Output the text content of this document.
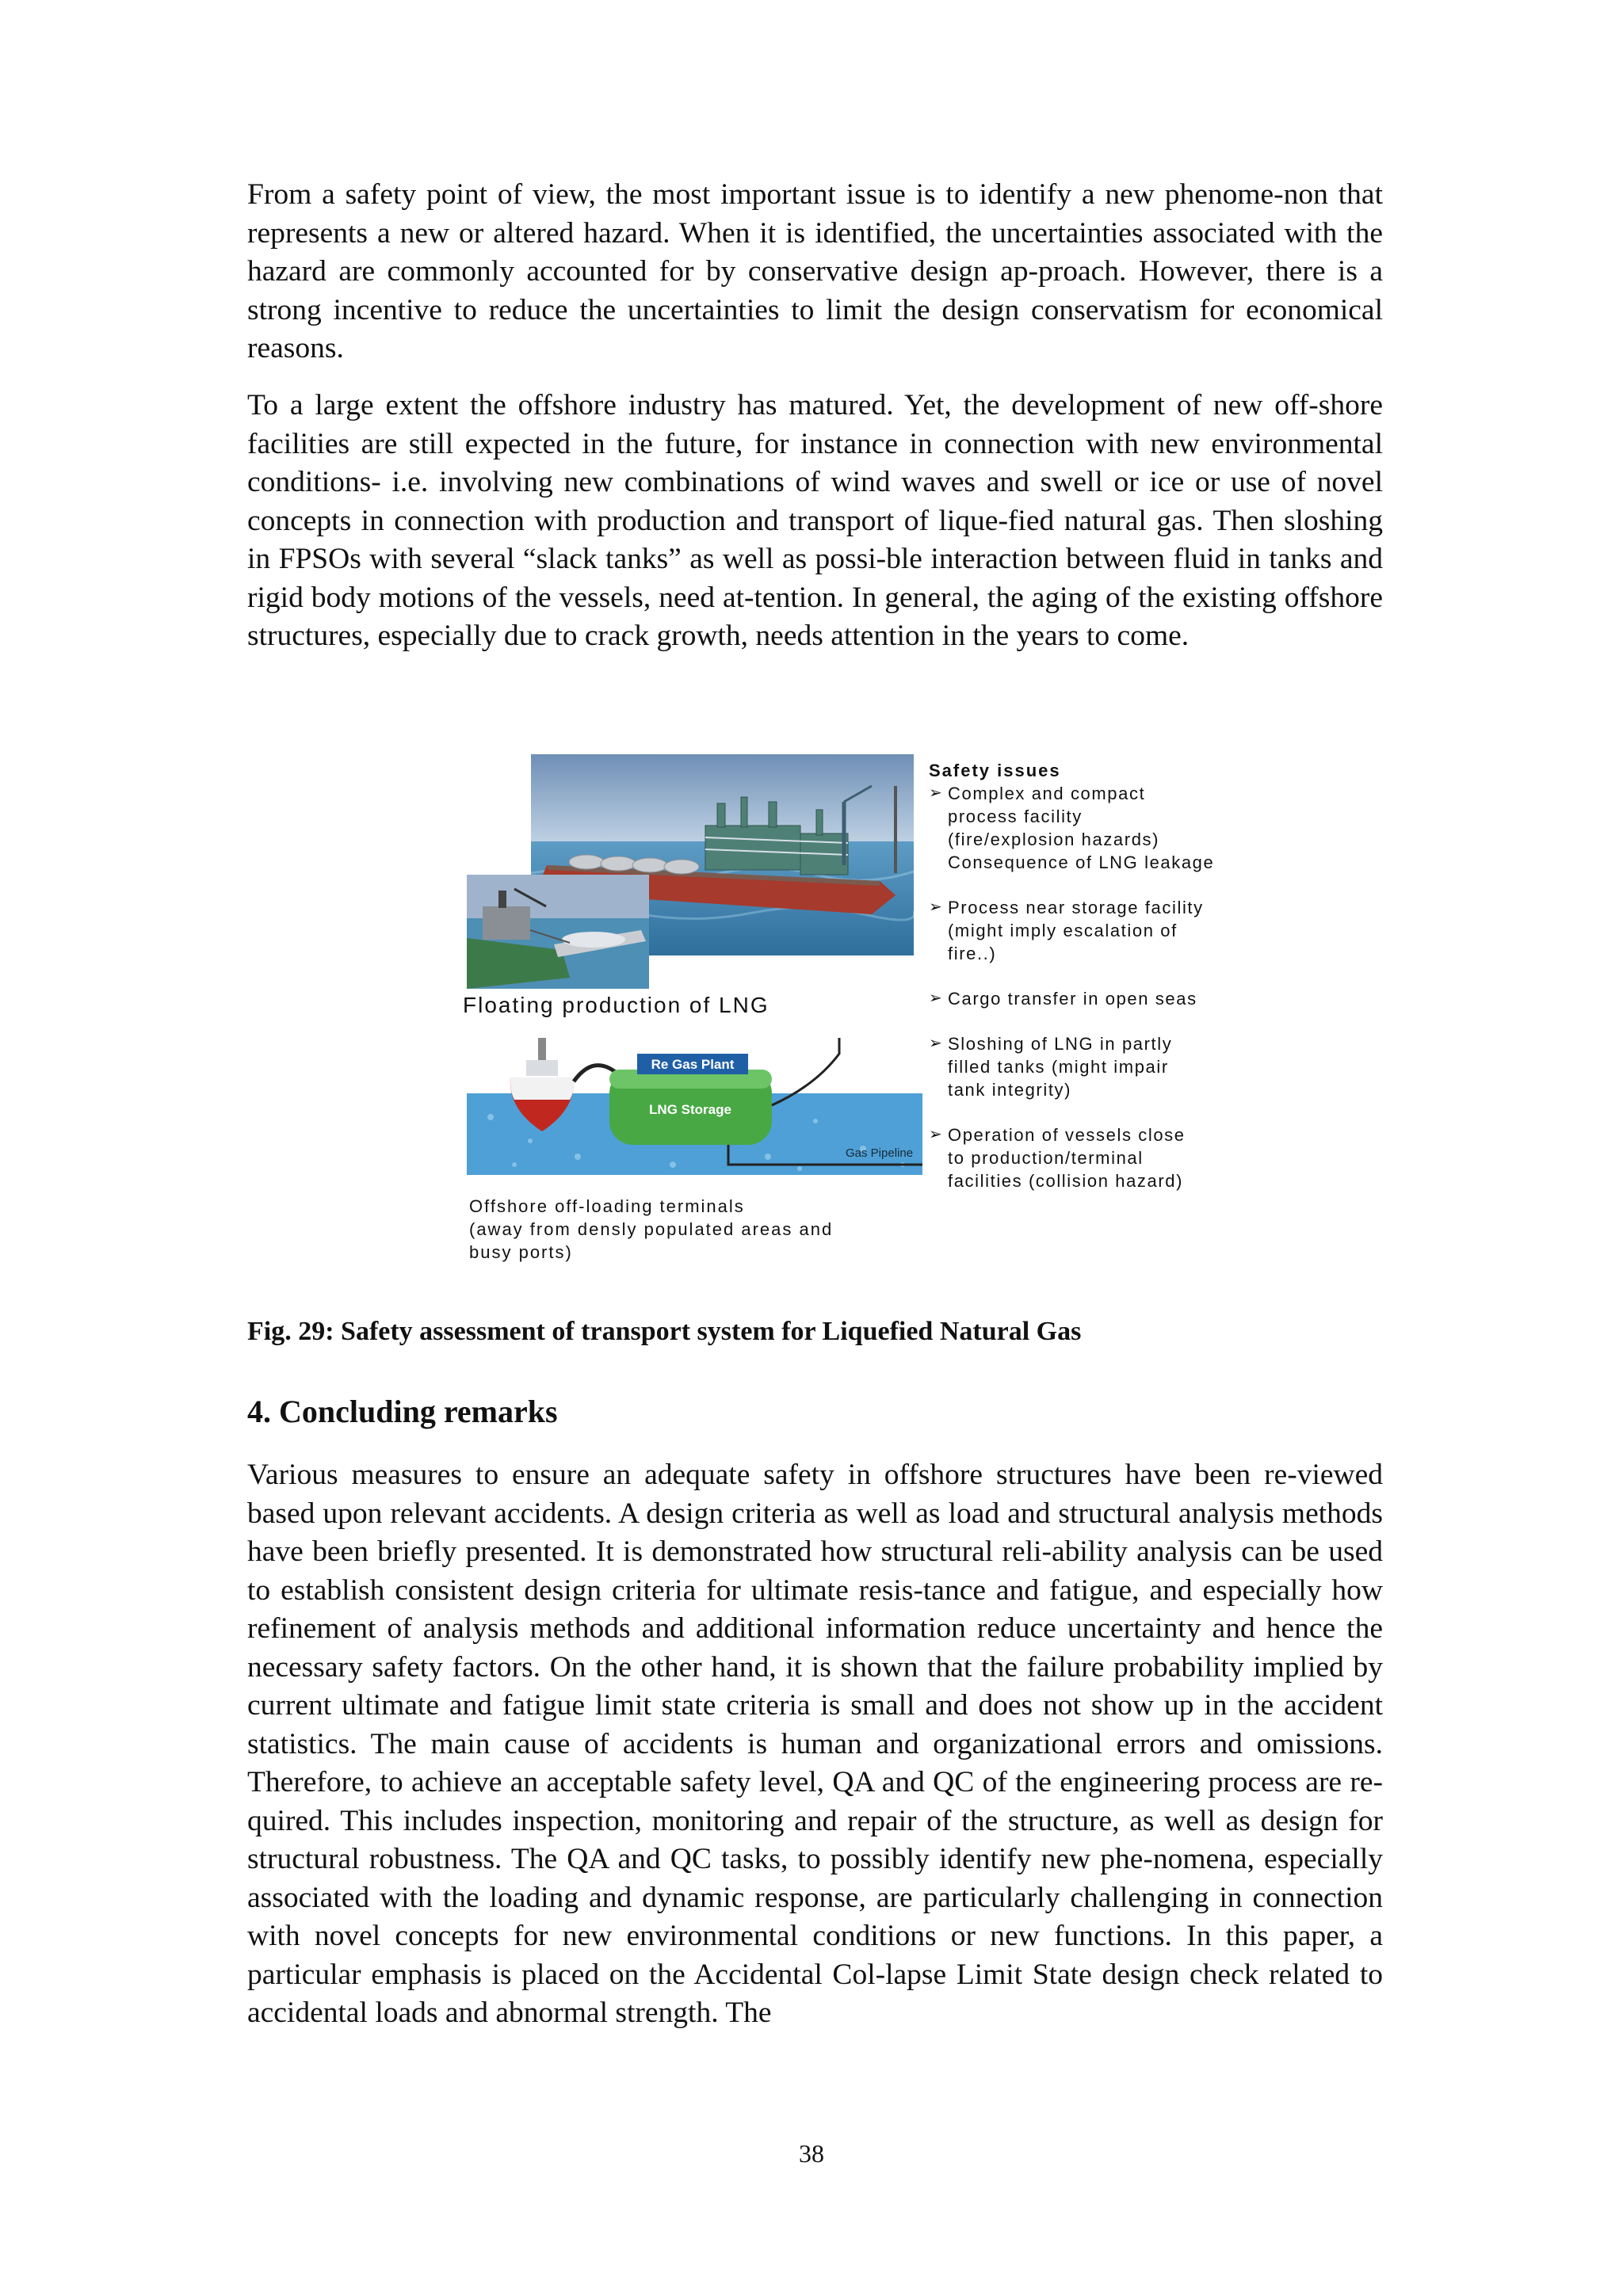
From a safety point of view, the most important issue is to identify a new phenome-non that represents a new or altered hazard. When it is identified, the uncertainties associated with the hazard are commonly accounted for by conservative design ap-proach. However, there is a strong incentive to reduce the uncertainties to limit the design conservatism for economical reasons.

To a large extent the offshore industry has matured. Yet, the development of new off-shore facilities are still expected in the future, for instance in connection with new environmental conditions- i.e. involving new combinations of wind waves and swell or ice or use of novel concepts in connection with production and transport of lique-fied natural gas. Then sloshing in FPSOs with several “slack tanks” as well as possi-ble interaction between fluid in tanks and rigid body motions of the vessels, need at-tention. In general, the aging of the existing offshore structures, especially due to crack growth, needs attention in the years to come.

Floating production of LNG

Re Gas Plant
LNG Storage
Gas Pipeline
Offshore off-loading terminals
(away from densly populated areas and
busy ports)
Safety issues
➢ Complex and compact
process facility
(fire/explosion hazards)
Consequence of LNG leakage
➢ Process near storage facility
(might imply escalation of
fire..)
➢ Cargo transfer in open seas
➢ Sloshing of LNG in partly
filled tanks (might impair
tank integrity)
➢ Operation of vessels close
to production/terminal
facilities (collision hazard)

Fig. 29: Safety assessment of transport system for Liquefied Natural Gas

4. Concluding remarks

Various measures to ensure an adequate safety in offshore structures have been re-viewed based upon relevant accidents. A design criteria as well as load and structural analysis methods have been briefly presented. It is demonstrated how structural reli-ability analysis can be used to establish consistent design criteria for ultimate resis-tance and fatigue, and especially how refinement of analysis methods and additional information reduce uncertainty and hence the necessary safety factors. On the other hand, it is shown that the failure probability implied by current ultimate and fatigue limit state criteria is small and does not show up in the accident statistics. The main cause of accidents is human and organizational errors and omissions. Therefore, to achieve an acceptable safety level, QA and QC of the engineering process are re-quired. This includes inspection, monitoring and repair of the structure, as well as design for structural robustness. The QA and QC tasks, to possibly identify new phe-nomena, especially associated with the loading and dynamic response, are particularly challenging in connection with novel concepts for new environmental conditions or new functions. In this paper, a particular emphasis is placed on the Accidental Col-lapse Limit State design check related to accidental loads and abnormal strength. The

38
